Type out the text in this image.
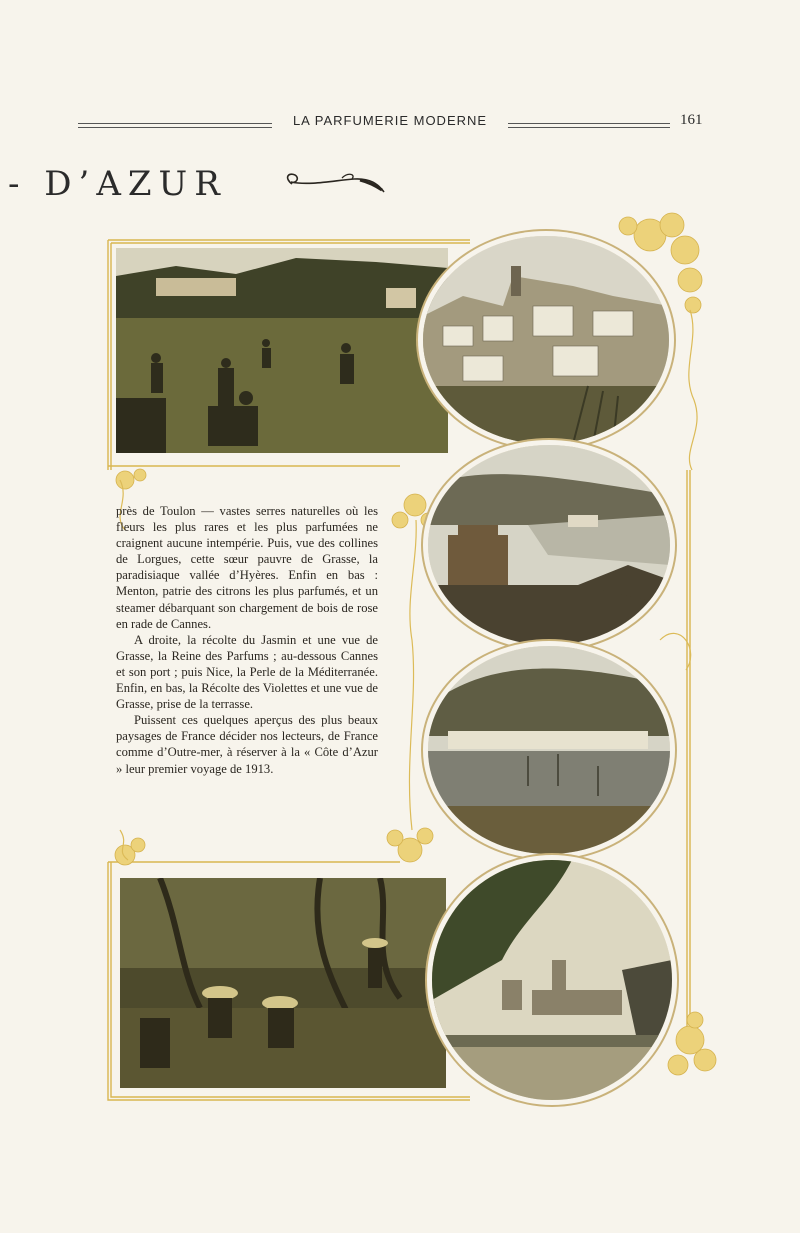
LA PARFUMERIE MODERNE	161
- D’AZUR

près de Toulon — vastes serres naturelles où les fleurs les plus rares et les plus parfumées ne craignent aucune intempérie. Puis, vue des collines de Lorgues, cette sœur pauvre de Grasse, la paradisiaque vallée d’Hyères. Enfin en bas : Menton, patrie des citrons les plus parfumés, et un steamer débarquant son chargement de bois de rose en rade de Cannes.

A droite, la récolte du Jasmin et une vue de Grasse, la Reine des Parfums ; au-dessous Cannes et son port ; puis Nice, la Perle de la Méditerranée. Enfin, en bas, la Récolte des Violettes et une vue de Grasse, prise de la terrasse.

Puissent ces quelques aperçus des plus beaux paysages de France décider nos lecteurs, de France comme d’Outre-mer, à réserver à la « Côte d’Azur » leur premier voyage de 1913.
